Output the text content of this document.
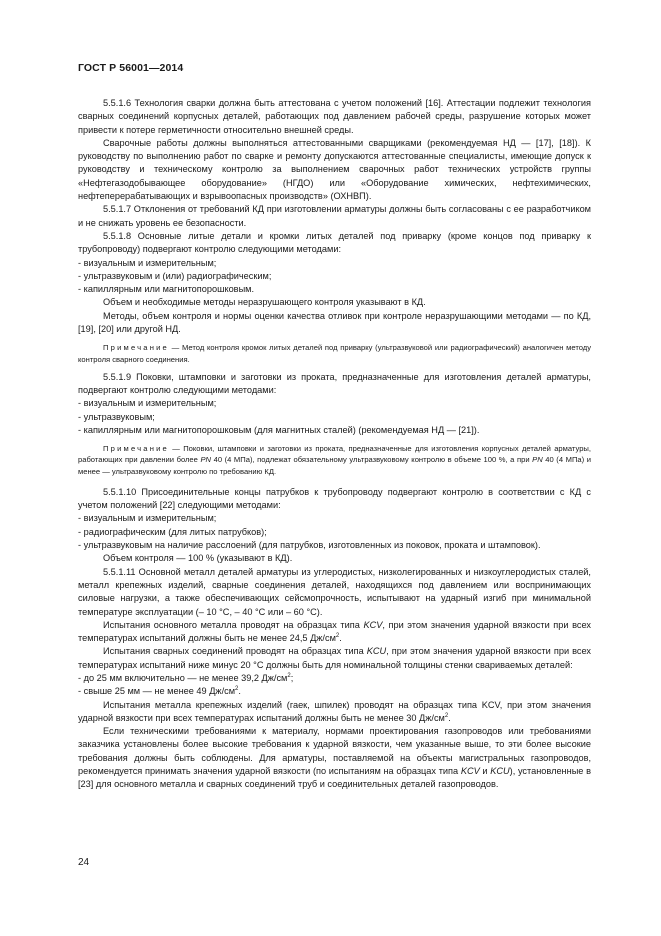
ГОСТ Р 56001—2014

5.5.1.6 Технология сварки должна быть аттестована с учетом положений [16]. Аттестации подлежит технология сварных соединений корпусных деталей, работающих под давлением рабочей среды, разрушение которых может привести к потере герметичности относительно внешней среды.

Сварочные работы должны выполняться аттестованными сварщиками (рекомендуемая НД — [17], [18]). К руководству по выполнению работ по сварке и ремонту допускаются аттестованные специалисты, имеющие допуск к руководству и техническому контролю за выполнением сварочных работ технических устройств группы «Нефтегазодобывающее оборудование» (НГДО) или «Оборудование химических, нефтехимических, нефтеперерабатывающих и взрывоопасных производств» (ОХНВП).

5.5.1.7 Отклонения от требований КД при изготовлении арматуры должны быть согласованы с ее разработчиком и не снижать уровень ее безопасности.

5.5.1.8 Основные литые детали и кромки литых деталей под приварку (кроме концов под приварку к трубопроводу) подвергают контролю следующими методами:

- визуальным и измерительным;

- ультразвуковым и (или) радиографическим;

- капиллярным или магнитопорошковым.

Объем и необходимые методы неразрушающего контроля указывают в КД.

Методы, объем контроля и нормы оценки качества отливок при контроле неразрушающими методами — по КД, [19], [20] или другой НД.

Примечание — Метод контроля кромок литых деталей под приварку (ультразвуковой или радиографический) аналогичен методу контроля сварного соединения.

5.5.1.9 Поковки, штамповки и заготовки из проката, предназначенные для изготовления деталей арматуры, подвергают контролю следующими методами:

- визуальным и измерительным;

- ультразвуковым;

- капиллярным или магнитопорошковым (для магнитных сталей) (рекомендуемая НД — [21]).

Примечание — Поковки, штамповки и заготовки из проката, предназначенные для изготовления корпусных деталей арматуры, работающих при давлении более PN 40 (4 МПа), подлежат обязательному ультразвуковому контролю в объеме 100 %, а при PN 40 (4 МПа) и менее — ультразвуковому контролю по требованию КД.

5.5.1.10 Присоединительные концы патрубков к трубопроводу подвергают контролю в соответствии с КД с учетом положений [22] следующими методами:

- визуальным и измерительным;

- радиографическим (для литых патрубков);

- ультразвуковым на наличие расслоений (для патрубков, изготовленных из поковок, проката и штамповок).

Объем контроля — 100 % (указывают в КД).

5.5.1.11 Основной металл деталей арматуры из углеродистых, низколегированных и низкоуглеродистых сталей, металл крепежных изделий, сварные соединения деталей, находящихся под давлением или воспринимающих силовые нагрузки, а также обеспечивающих сейсмопрочность, испытывают на ударный изгиб при минимальной температуре эксплуатации (– 10 °С, – 40 °С или – 60 °С).

Испытания основного металла проводят на образцах типа KCV, при этом значения ударной вязкости при всех температурах испытаний должны быть не менее 24,5 $Дж/см^2$.

Испытания сварных соединений проводят на образцах типа KCU, при этом значения ударной вязкости при всех температурах испытаний ниже минус 20 °С должны быть для номинальной толщины стенки свариваемых деталей:

- до 25 мм включительно — не менее 39,2 $Дж/см^2$;

- свыше 25 мм — не менее 49 $Дж/см^2$.

Испытания металла крепежных изделий (гаек, шпилек) проводят на образцах типа KCV, при этом значения ударной вязкости при всех температурах испытаний должны быть не менее 30 $Дж/см^2$.

Если техническими требованиями к материалу, нормами проектирования газопроводов или требованиями заказчика установлены более высокие требования к ударной вязкости, чем указанные выше, то эти более высокие требования должны быть соблюдены. Для арматуры, поставляемой на объекты магистральных газопроводов, рекомендуется принимать значения ударной вязкости (по испытаниям на образцах типа KCV и KCU), установленные в [23] для основного металла и сварных соединений труб и соединительных деталей газопроводов.

24
